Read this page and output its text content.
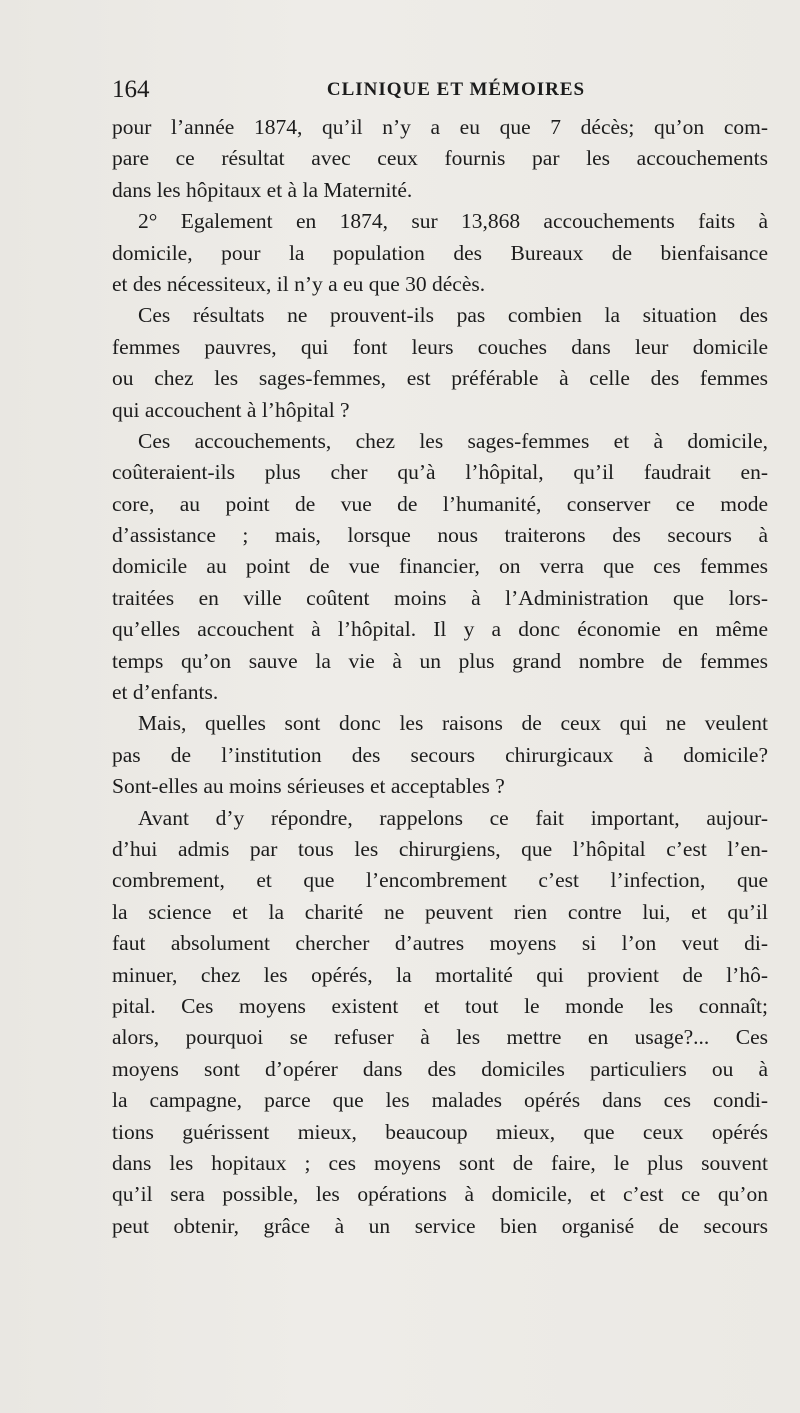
164	CLINIQUE ET MÉMOIRES
pour l’année 1874, qu’il n’y a eu que 7 décès; qu’on com-
pare ce résultat avec ceux fournis par les accouchements
dans les hôpitaux et à la Maternité.
2° Egalement en 1874, sur 13,868 accouchements faits à
domicile, pour la population des Bureaux de bienfaisance
et des nécessiteux, il n’y a eu que 30 décès.
Ces résultats ne prouvent-ils pas combien la situation des
femmes pauvres, qui font leurs couches dans leur domicile
ou chez les sages-femmes, est préférable à celle des femmes
qui accouchent à l’hôpital ?
Ces accouchements, chez les sages-femmes et à domicile,
coûteraient-ils plus cher qu’à l’hôpital, qu’il faudrait en-
core, au point de vue de l’humanité, conserver ce mode
d’assistance ; mais, lorsque nous traiterons des secours à
domicile au point de vue financier, on verra que ces femmes
traitées en ville coûtent moins à l’Administration que lors-
qu’elles accouchent à l’hôpital. Il y a donc économie en même
temps qu’on sauve la vie à un plus grand nombre de femmes
et d’enfants.
Mais, quelles sont donc les raisons de ceux qui ne veulent
pas de l’institution des secours chirurgicaux à domicile?
Sont-elles au moins sérieuses et acceptables ?
Avant d’y répondre, rappelons ce fait important, aujour-
d’hui admis par tous les chirurgiens, que l’hôpital c’est l’en-
combrement, et que l’encombrement c’est l’infection, que
la science et la charité ne peuvent rien contre lui, et qu’il
faut absolument chercher d’autres moyens si l’on veut di-
minuer, chez les opérés, la mortalité qui provient de l’hô-
pital. Ces moyens existent et tout le monde les connaît;
alors, pourquoi se refuser à les mettre en usage?... Ces
moyens sont d’opérer dans des domiciles particuliers ou à
la campagne, parce que les malades opérés dans ces condi-
tions guérissent mieux, beaucoup mieux, que ceux opérés
dans les hopitaux ; ces moyens sont de faire, le plus souvent
qu’il sera possible, les opérations à domicile, et c’est ce qu’on
peut obtenir, grâce à un service bien organisé de secours
